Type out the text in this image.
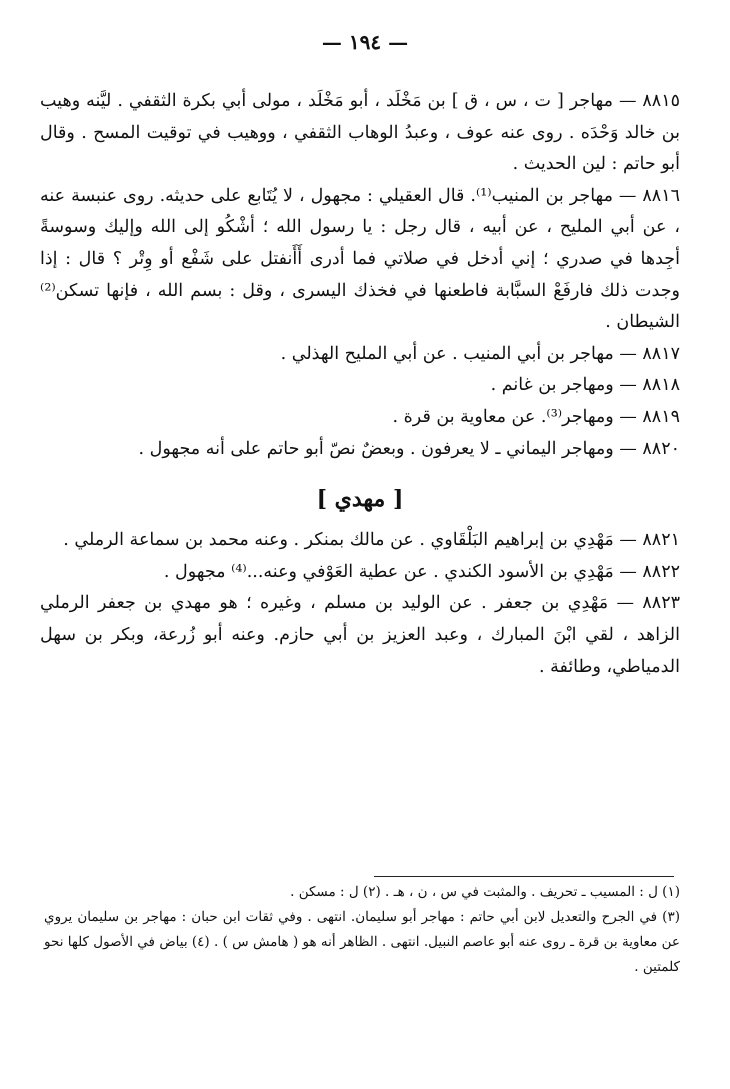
— ١٩٤ —

٨٨١٥ — مهاجر [ ت ، س ، ق ] بن مَخْلَد ، أبو مَخْلَد ، مولى أبي بكرة الثقفي . ليَّنه وهيب بن خالد وَحْدَه . روى عنه عوف ، وعبدُ الوهاب الثقفي ، ووهيب في توقيت المسح . وقال أبو حاتم : لين الحديث .

٨٨١٦ — مهاجر بن المنيب⁽¹⁾. قال العقيلي : مجهول ، لا يُتَابع على حديثه. روى عنبسة عنه ، عن أبي المليح ، عن أبيه ، قال رجل : يا رسول الله ؛ أشْكُو إلى الله وإليك وسوسةً أجِدها في صدري ؛ إني أدخل في صلاتي فما أدرى أَأَنفتل على شَفْع أو وِتْر ؟ قال : إذا وجدت ذلك فارفَعْ السبَّابة فاطعنها في فخذك اليسرى ، وقل : بسم الله ، فإنها تسكن⁽²⁾ الشيطان .

٨٨١٧ — مهاجر بن أبي المنيب . عن أبي المليح الهذلي .

٨٨١٨ — ومهاجر بن غانم .

٨٨١٩ — ومهاجر⁽³⁾. عن معاوية بن قرة .

٨٨٢٠ — ومهاجر اليماني ـ لا يعرفون . وبعضٌ نصّ أبو حاتم على أنه مجهول .

[ مهدي ]

٨٨٢١ — مَهْدِي بن إبراهيم البَلْقَاوي . عن مالك بمنكر . وعنه محمد بن سماعة الرملي .

٨٨٢٢ — مَهْدِي بن الأسود الكندي . عن عطية العَوْفي وعنه...⁽⁴⁾ مجهول .

٨٨٢٣ — مَهْدِي بن جعفر . عن الوليد بن مسلم ، وغيره ؛ هو مهدي بن جعفر الرملي الزاهد ، لقي ابْنَ المبارك ، وعبد العزيز بن أبي حازم. وعنه أبو زُرعة، وبكر بن سهل الدمياطي، وطائفة .

(١) ل : المسيب ـ تحريف . والمثبت في س ، ن ، هـ . (٢) ل : مسكن .

(٣) في الجرح والتعديل لابن أبي حاتم : مهاجر أبو سليمان. انتهى . وفي ثقات ابن حبان : مهاجر بن سليمان يروي عن معاوية بن قرة ـ روى عنه أبو عاصم النبيل. انتهى . الظاهر أنه هو ( هامش س ) . (٤) بياض في الأصول كلها نحو كلمتين .
